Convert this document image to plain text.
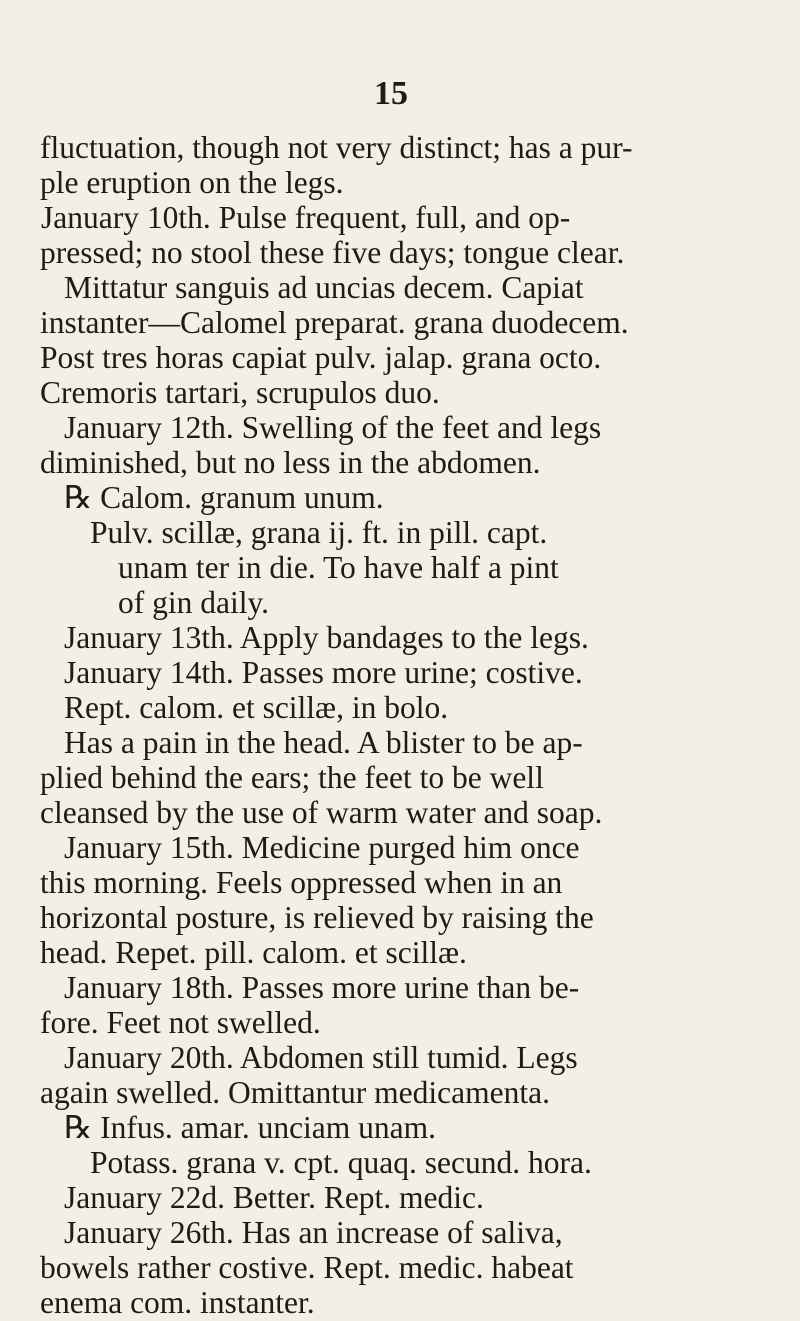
15
fluctuation, though not very distinct; has a pur-
ple eruption on the legs.
January 10th. Pulse frequent, full, and op-
pressed; no stool these five days; tongue clear.
Mittatur sanguis ad uncias decem. Capiat
instanter—Calomel preparat. grana duodecem.
Post tres horas capiat pulv. jalap. grana octo.
Cremoris tartari, scrupulos duo.
January 12th. Swelling of the feet and legs
diminished, but no less in the abdomen.
℞ Calom. granum unum.
Pulv. scillæ, grana ij. ft. in pill. capt.
unam ter in die. To have half a pint
of gin daily.
January 13th. Apply bandages to the legs.
January 14th. Passes more urine; costive.
Rept. calom. et scillæ, in bolo.
Has a pain in the head. A blister to be ap-
plied behind the ears; the feet to be well
cleansed by the use of warm water and soap.
January 15th. Medicine purged him once
this morning. Feels oppressed when in an
horizontal posture, is relieved by raising the
head. Repet. pill. calom. et scillæ.
January 18th. Passes more urine than be-
fore. Feet not swelled.
January 20th. Abdomen still tumid. Legs
again swelled. Omittantur medicamenta.
℞ Infus. amar. unciam unam.
Potass. grana v. cpt. quaq. secund. hora.
January 22d. Better. Rept. medic.
January 26th. Has an increase of saliva,
bowels rather costive. Rept. medic. habeat
enema com. instanter.
